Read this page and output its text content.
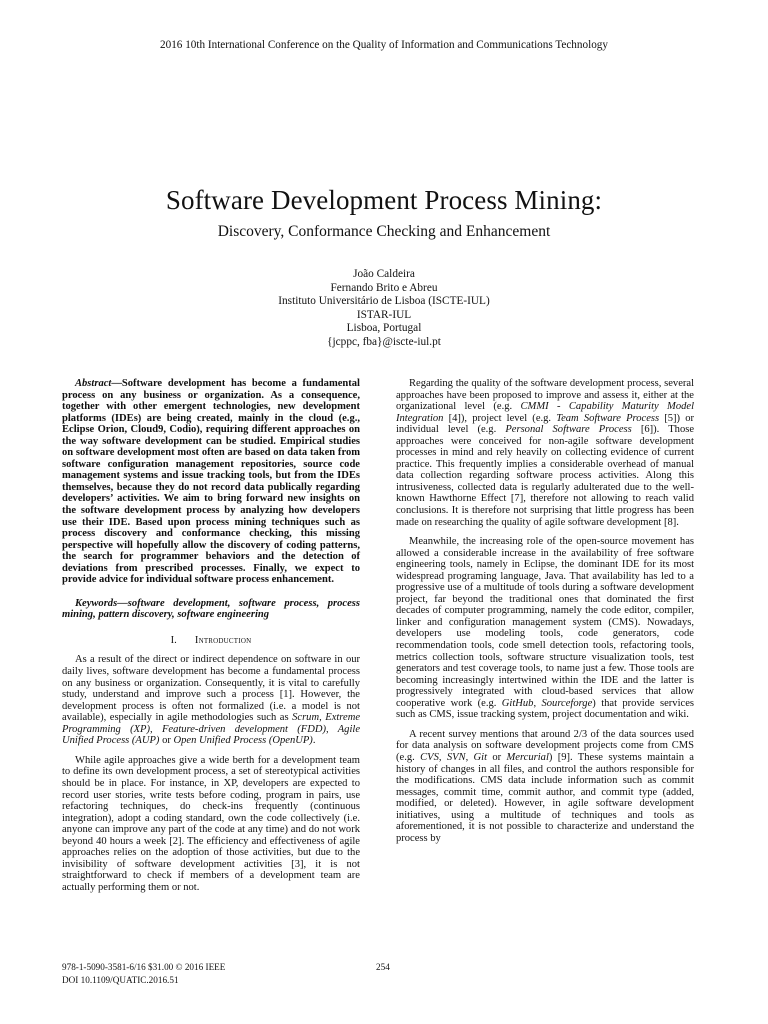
2016 10th International Conference on the Quality of Information and Communications Technology
Software Development Process Mining:
Discovery, Conformance Checking and Enhancement
João Caldeira
Fernando Brito e Abreu
Instituto Universitário de Lisboa (ISCTE-IUL)
ISTAR-IUL
Lisboa, Portugal
{jcppc, fba}@iscte-iul.pt

Abstract—Software development has become a fundamental process on any business or organization. As a consequence, together with other emergent technologies, new development platforms (IDEs) are being created, mainly in the cloud (e.g., Eclipse Orion, Cloud9, Codio), requiring different approaches on the way software development can be studied. Empirical studies on software development most often are based on data taken from software configuration management repositories, source code management systems and issue tracking tools, but from the IDEs themselves, because they do not record data publically regarding developers’ activities. We aim to bring forward new insights on the software development process by analyzing how developers use their IDE. Based upon process mining techniques such as process discovery and conformance checking, this missing perspective will hopefully allow the discovery of coding patterns, the search for programmer behaviors and the detection of deviations from prescribed processes. Finally, we expect to provide advice for individual software process enhancement.

Keywords—software development, software process, process mining, pattern discovery, software engineering

I. Introduction

As a result of the direct or indirect dependence on software in our daily lives, software development has become a fundamental process on any business or organization. Consequently, it is vital to carefully study, understand and improve such a process [1]. However, the development process is often not formalized (i.e. a model is not available), especially in agile methodologies such as Scrum, Extreme Programming (XP), Feature-driven development (FDD), Agile Unified Process (AUP) or Open Unified Process (OpenUP).

While agile approaches give a wide berth for a development team to define its own development process, a set of stereotypical activities should be in place. For instance, in XP, developers are expected to record user stories, write tests before coding, program in pairs, use refactoring techniques, do check-ins frequently (continuous integration), adopt a coding standard, own the code collectively (i.e. anyone can improve any part of the code at any time) and do not work beyond 40 hours a week [2]. The efficiency and effectiveness of agile approaches relies on the adoption of those activities, but due to the invisibility of software development activities [3], it is not straightforward to check if members of a development team are actually performing them or not.

Regarding the quality of the software development process, several approaches have been proposed to improve and assess it, either at the organizational level (e.g. CMMI - Capability Maturity Model Integration [4]), project level (e.g. Team Software Process [5]) or individual level (e.g. Personal Software Process [6]). Those approaches were conceived for non-agile software development processes in mind and rely heavily on collecting evidence of current practice. This frequently implies a considerable overhead of manual data collection regarding software process activities. Along this intrusiveness, collected data is regularly adulterated due to the well-known Hawthorne Effect [7], therefore not allowing to reach valid conclusions. It is therefore not surprising that little progress has been made on researching the quality of agile software development [8].

Meanwhile, the increasing role of the open-source movement has allowed a considerable increase in the availability of free software engineering tools, namely in Eclipse, the dominant IDE for its most widespread programing language, Java. That availability has led to a progressive use of a multitude of tools during a software development project, far beyond the traditional ones that dominated the first decades of computer programming, namely the code editor, compiler, linker and configuration management system (CMS). Nowadays, developers use modeling tools, code generators, code recommendation tools, code smell detection tools, refactoring tools, metrics collection tools, software structure visualization tools, test generators and test coverage tools, to name just a few. Those tools are becoming increasingly intertwined within the IDE and the latter is progressively integrated with cloud-based services that allow cooperative work (e.g. GitHub, Sourceforge) that provide services such as CMS, issue tracking system, project documentation and wiki.

A recent survey mentions that around 2/3 of the data sources used for data analysis on software development projects come from CMS (e.g. CVS, SVN, Git or Mercurial) [9]. These systems maintain a history of changes in all files, and control the authors responsible for the modifications. CMS data include information such as commit messages, commit time, commit author, and commit type (added, modified, or deleted). However, in agile software development initiatives, using a multitude of techniques and tools as aforementioned, it is not possible to characterize and understand the process by

978-1-5090-3581-6/16 $31.00 © 2016 IEEE
DOI 10.1109/QUATIC.2016.51
254
